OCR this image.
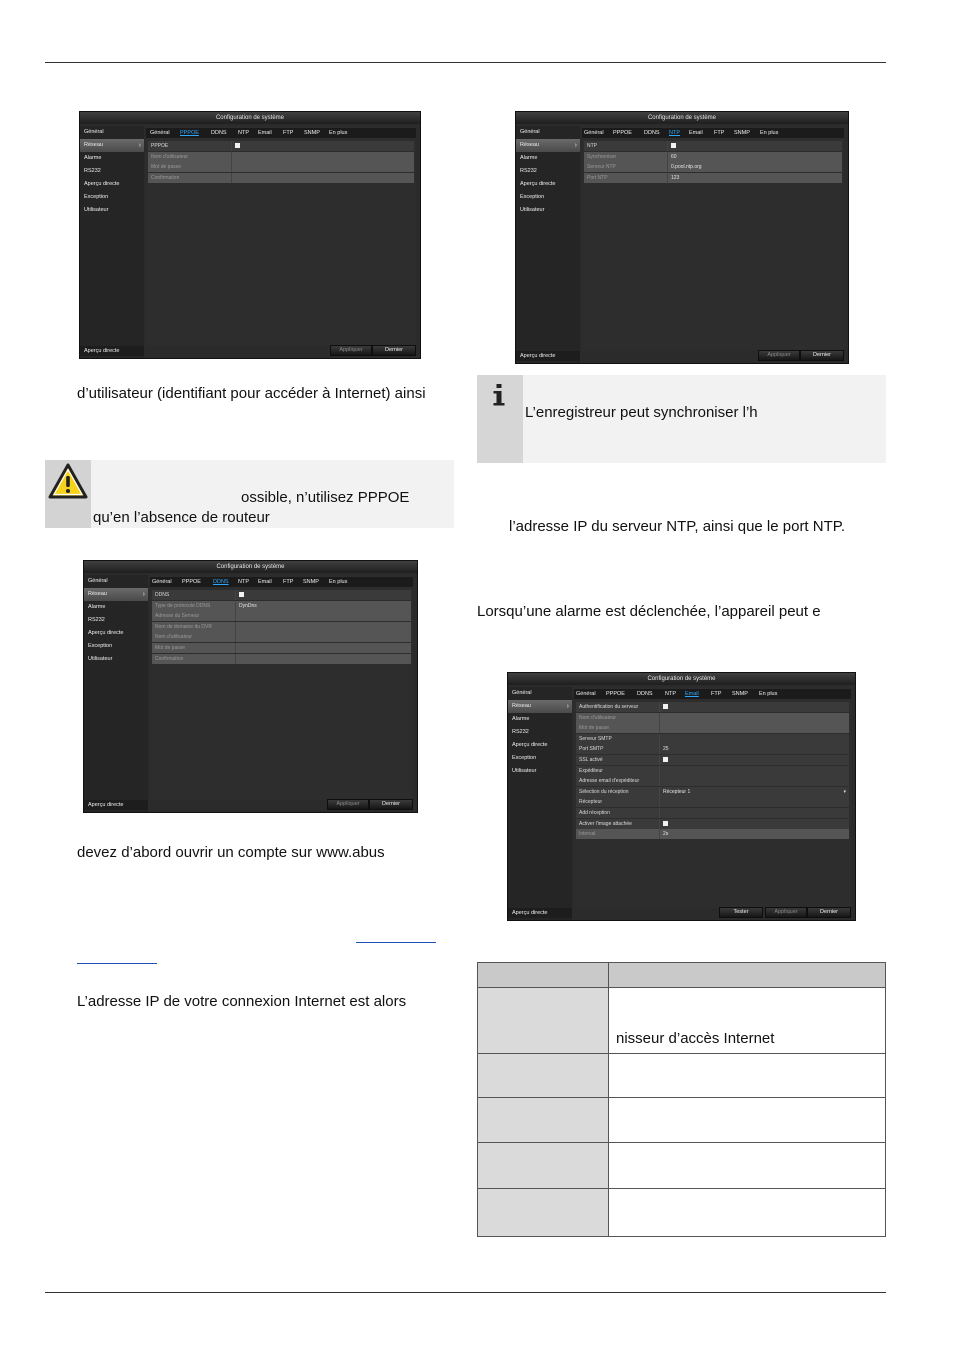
Configuration de système
Général
Réseau ›
Alarme
RS232
Aperçu directe
Exception
Utilisateur
Aperçu directe
Général PPPOE DDNS NTP Email FTP SNMP En plus
PPPOE
Nom d'utilisateur
Mot de passe
Confirmation
Appliquer	Dernier
Configuration de système
Général
Réseau ›
Alarme
RS232
Aperçu directe
Exception
Utilisateur
Aperçu directe
Général PPPOE DDNS NTP Email FTP SNMP En plus
NTP
Synchroniser	60
Serveur NTP	0.pool.ntp.org
Port NTP	123
Appliquer	Dernier
d’utilisateur (identifiant pour accéder à Internet) ainsi
L’enregistreur peut synchroniser l’h
ossible, n’utilisez PPPOE
qu’en l’absence de routeur
l’adresse IP du serveur NTP, ainsi que le port NTP.
Configuration de système
Général
Réseau ›
Alarme
RS232
Aperçu directe
Exception
Utilisateur
Aperçu directe
Général PPPOE DDNS NTP Email FTP SNMP En plus
DDNS
Type de protocole DDNS	DynDns
Adresse du Serveur
Nom de domaine du DVR
Nom d'utilisateur
Mot de passe
Confirmation
Appliquer	Dernier
Lorsqu’une alarme est déclenchée, l’appareil peut e
Configuration de système
Général
Réseau ›
Alarme
RS232
Aperçu directe
Exception
Utilisateur
Aperçu directe
Général PPPOE DDNS NTP Email FTP SNMP En plus
Authentification du serveur
Nom d'utilisateur
Mot de passe
Serveur SMTP
Port SMTP	25
SSL activé
Expéditeur
Adresse email d'expéditeur
Sélection du réception	Récepteur 1	▾
Récepteur
Add réception
Activer l'image attachée
Interval	2s
Tester	Appliquer	Dernier
devez d’abord ouvrir un compte sur www.abus
L’adresse IP de votre connexion Internet est alors

	nisseur d’accès Internet
